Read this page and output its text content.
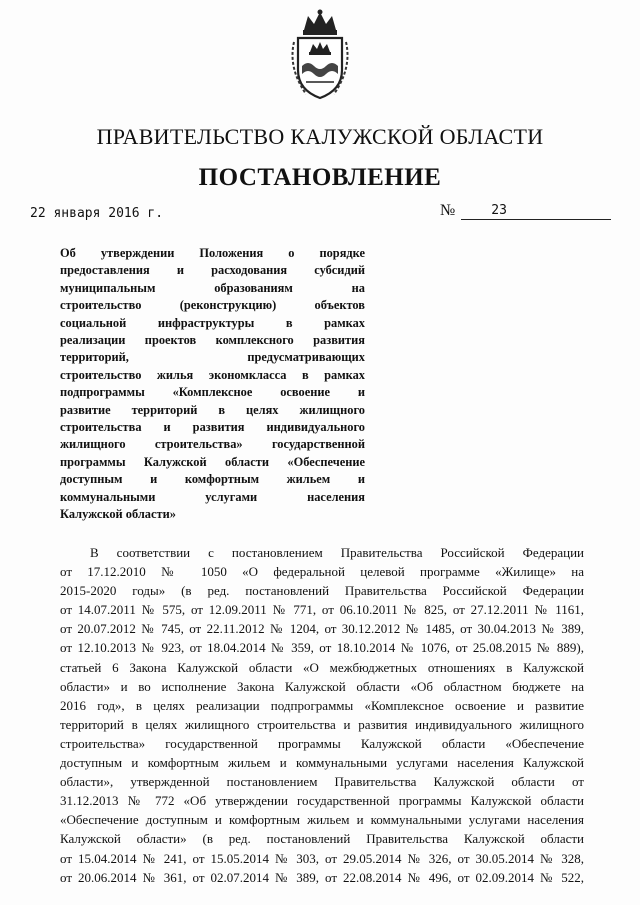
ПРАВИТЕЛЬСТВО КАЛУЖСКОЙ ОБЛАСТИ
ПОСТАНОВЛЕНИЕ
22 января 2016 г.	№	23
Об утверждении Положения о порядке
предоставления и расходования субсидий
муниципальным образованиям на
строительство (реконструкцию) объектов
социальной инфраструктуры в рамках
реализации проектов комплексного развития
территорий, предусматривающих
строительство жилья экономкласса в рамках
подпрограммы «Комплексное освоение и
развитие территорий в целях жилищного
строительства и развития индивидуального
жилищного строительства» государственной
программы Калужской области «Обеспечение
доступным и комфортным жильем и
коммунальными услугами населения
Калужской области»
В соответствии с постановлением Правительства Российской Федерации
от 17.12.2010 № 1050 «О федеральной целевой программе «Жилище» на
2015-2020 годы» (в ред. постановлений Правительства Российской Федерации
от 14.07.2011 № 575, от 12.09.2011 № 771, от 06.10.2011 № 825, от 27.12.2011 № 1161,
от 20.07.2012 № 745, от 22.11.2012 № 1204, от 30.12.2012 № 1485, от 30.04.2013 № 389,
от 12.10.2013 № 923, от 18.04.2014 № 359, от 18.10.2014 № 1076, от 25.08.2015 № 889),
статьей 6 Закона Калужской области «О межбюджетных отношениях в Калужской
области» и во исполнение Закона Калужской области «Об областном бюджете на
2016 год», в целях реализации подпрограммы «Комплексное освоение и развитие
территорий в целях жилищного строительства и развития индивидуального жилищного
строительства» государственной программы Калужской области «Обеспечение
доступным и комфортным жильем и коммунальными услугами населения Калужской
области», утвержденной постановлением Правительства Калужской области от
31.12.2013 № 772 «Об утверждении государственной программы Калужской области
«Обеспечение доступным и комфортным жильем и коммунальными услугами населения
Калужской области» (в ред. постановлений Правительства Калужской области
от 15.04.2014 № 241, от 15.05.2014 № 303, от 29.05.2014 № 326, от 30.05.2014 № 328,
от 20.06.2014 № 361, от 02.07.2014 № 389, от 22.08.2014 № 496, от 02.09.2014 № 522,
